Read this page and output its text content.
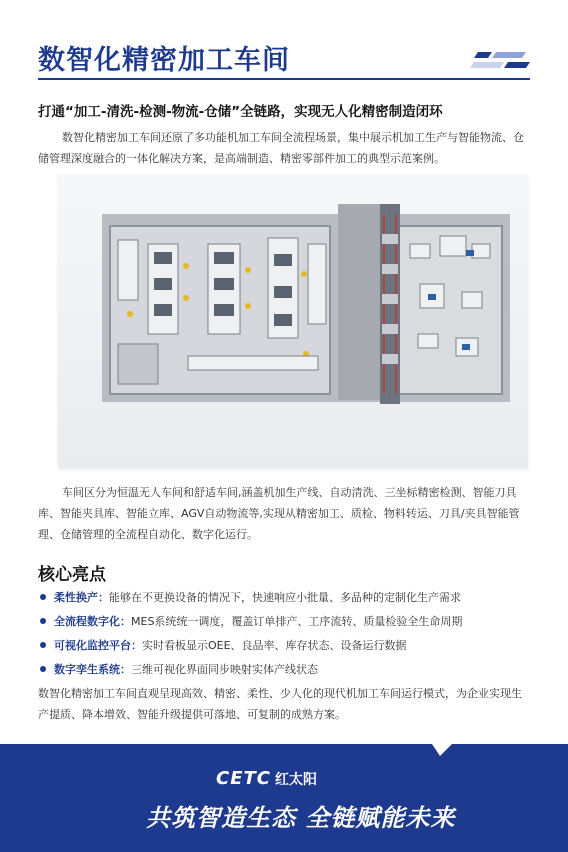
数智化精密加工车间
打通“加工-清洗-检测-物流-仓储”全链路，实现无人化精密制造闭环
数智化精密加工车间还原了多功能机加工车间全流程场景，集中展示机加工生产与智能物流、仓储管理深度融合的一体化解决方案，是高端制造、精密零部件加工的典型示范案例。
车间区分为恒温无人车间和舒适车间,涵盖机加生产线、自动清洗、三坐标精密检测、智能刀具库、智能夹具库、智能立库、AGV自动物流等,实现从精密加工、质检、物料转运、刀具/夹具智能管理、仓储管理的全流程自动化、数字化运行。
核心亮点
柔性换产： 能够在不更换设备的情况下，快速响应小批量、多品种的定制化生产需求
全流程数字化： MES系统统一调度，覆盖订单排产、工序流转、质量检验全生命周期
可视化监控平台： 实时看板显示OEE、良品率、库存状态、设备运行数据
数字孪生系统： 三维可视化界面同步映射实体产线状态
数智化精密加工车间直观呈现高效、精密、柔性、少人化的现代机加工车间运行模式，为企业实现生产提质、降本增效、智能升级提供可落地、可复制的成熟方案。
CETC 红太阳
共筑智造生态 全链赋能未来
